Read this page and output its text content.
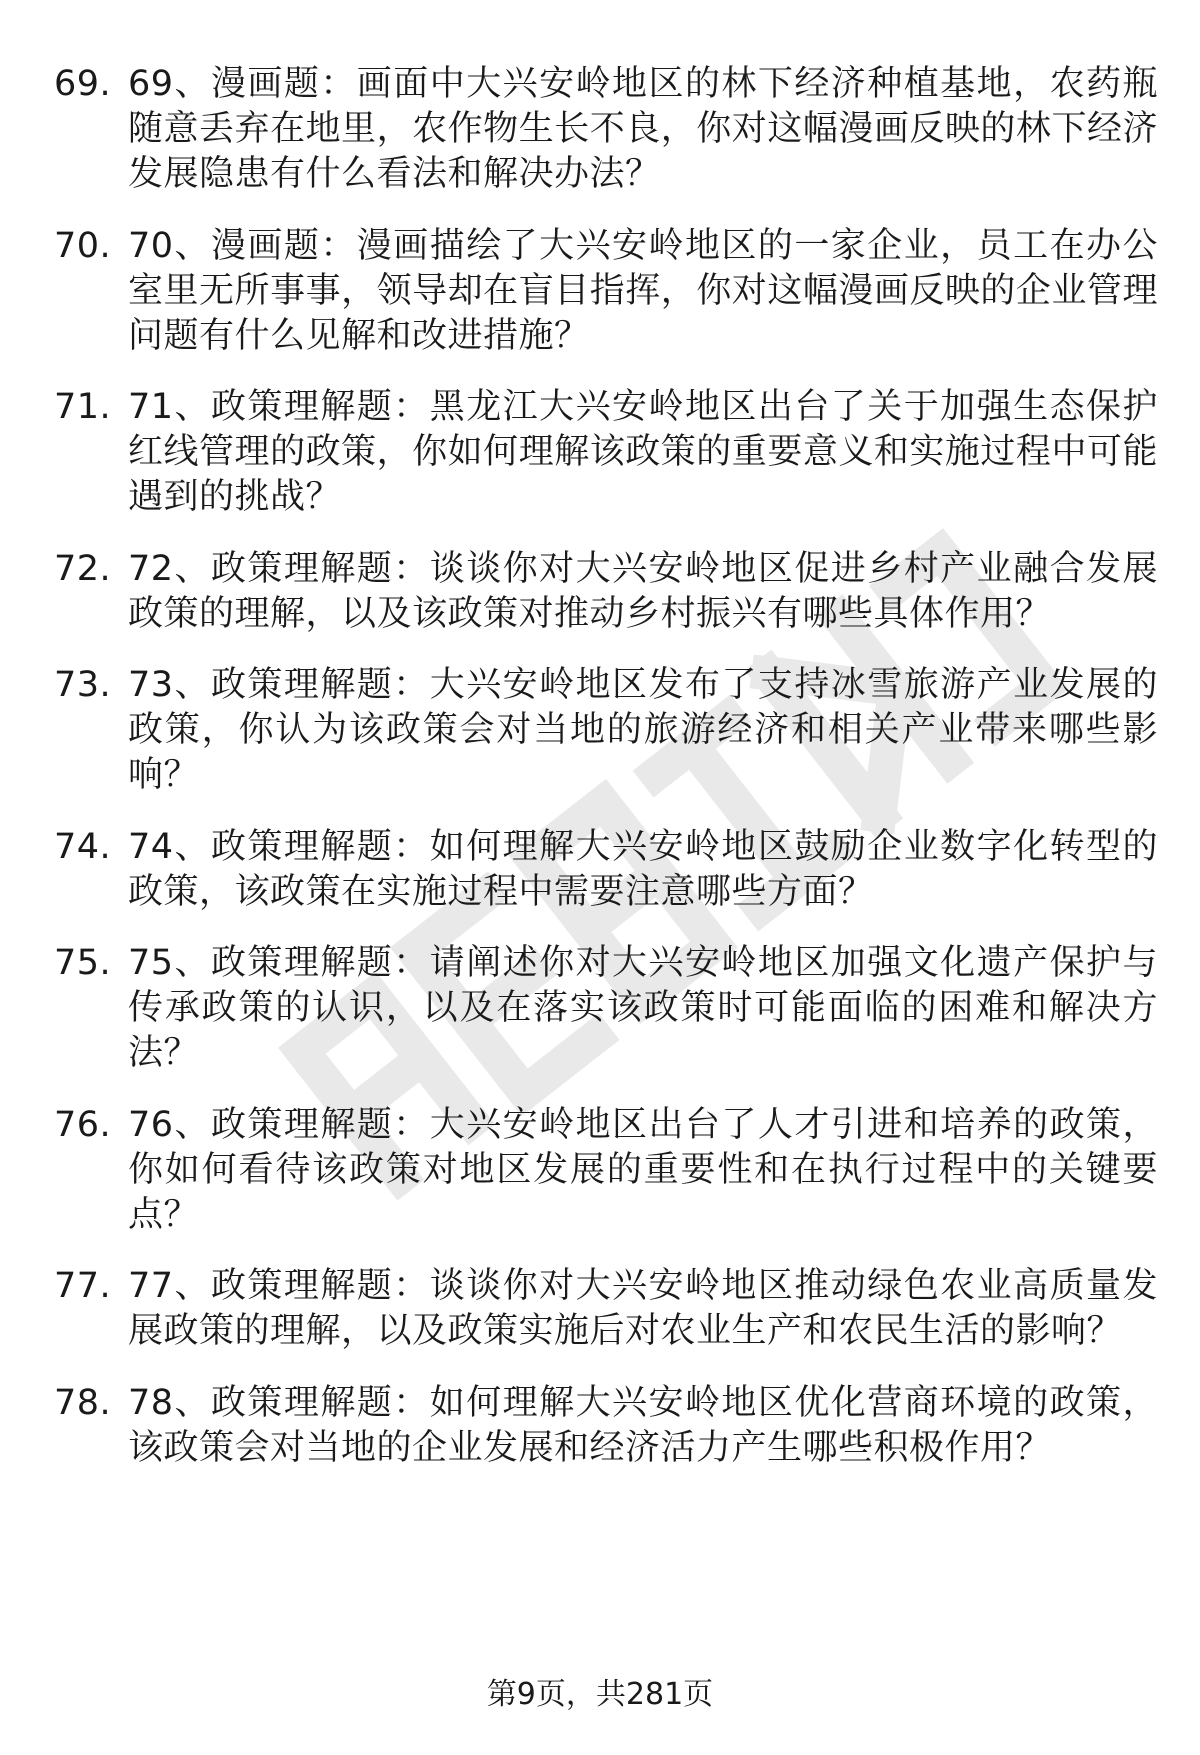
69. 69、漫画题：画面中大兴安岭地区的林下经济种植基地，农药瓶随意丢弃在地里，农作物生长不良，你对这幅漫画反映的林下经济发展隐患有什么看法和解决办法？
70. 70、漫画题：漫画描绘了大兴安岭地区的一家企业，员工在办公室里无所事事，领导却在盲目指挥，你对这幅漫画反映的企业管理问题有什么见解和改进措施？
71. 71、政策理解题：黑龙江大兴安岭地区出台了关于加强生态保护红线管理的政策，你如何理解该政策的重要意义和实施过程中可能遇到的挑战？
72. 72、政策理解题：谈谈你对大兴安岭地区促进乡村产业融合发展政策的理解，以及该政策对推动乡村振兴有哪些具体作用？
73. 73、政策理解题：大兴安岭地区发布了支持冰雪旅游产业发展的政策，你认为该政策会对当地的旅游经济和相关产业带来哪些影响？
74. 74、政策理解题：如何理解大兴安岭地区鼓励企业数字化转型的政策，该政策在实施过程中需要注意哪些方面？
75. 75、政策理解题：请阐述你对大兴安岭地区加强文化遗产保护与传承政策的认识，以及在落实该政策时可能面临的困难和解决方法？
76. 76、政策理解题：大兴安岭地区出台了人才引进和培养的政策，你如何看待该政策对地区发展的重要性和在执行过程中的关键要点？
77. 77、政策理解题：谈谈你对大兴安岭地区推动绿色农业高质量发展政策的理解，以及政策实施后对农业生产和农民生活的影响？
78. 78、政策理解题：如何理解大兴安岭地区优化营商环境的政策，该政策会对当地的企业发展和经济活力产生哪些积极作用？
第9页，共281页
